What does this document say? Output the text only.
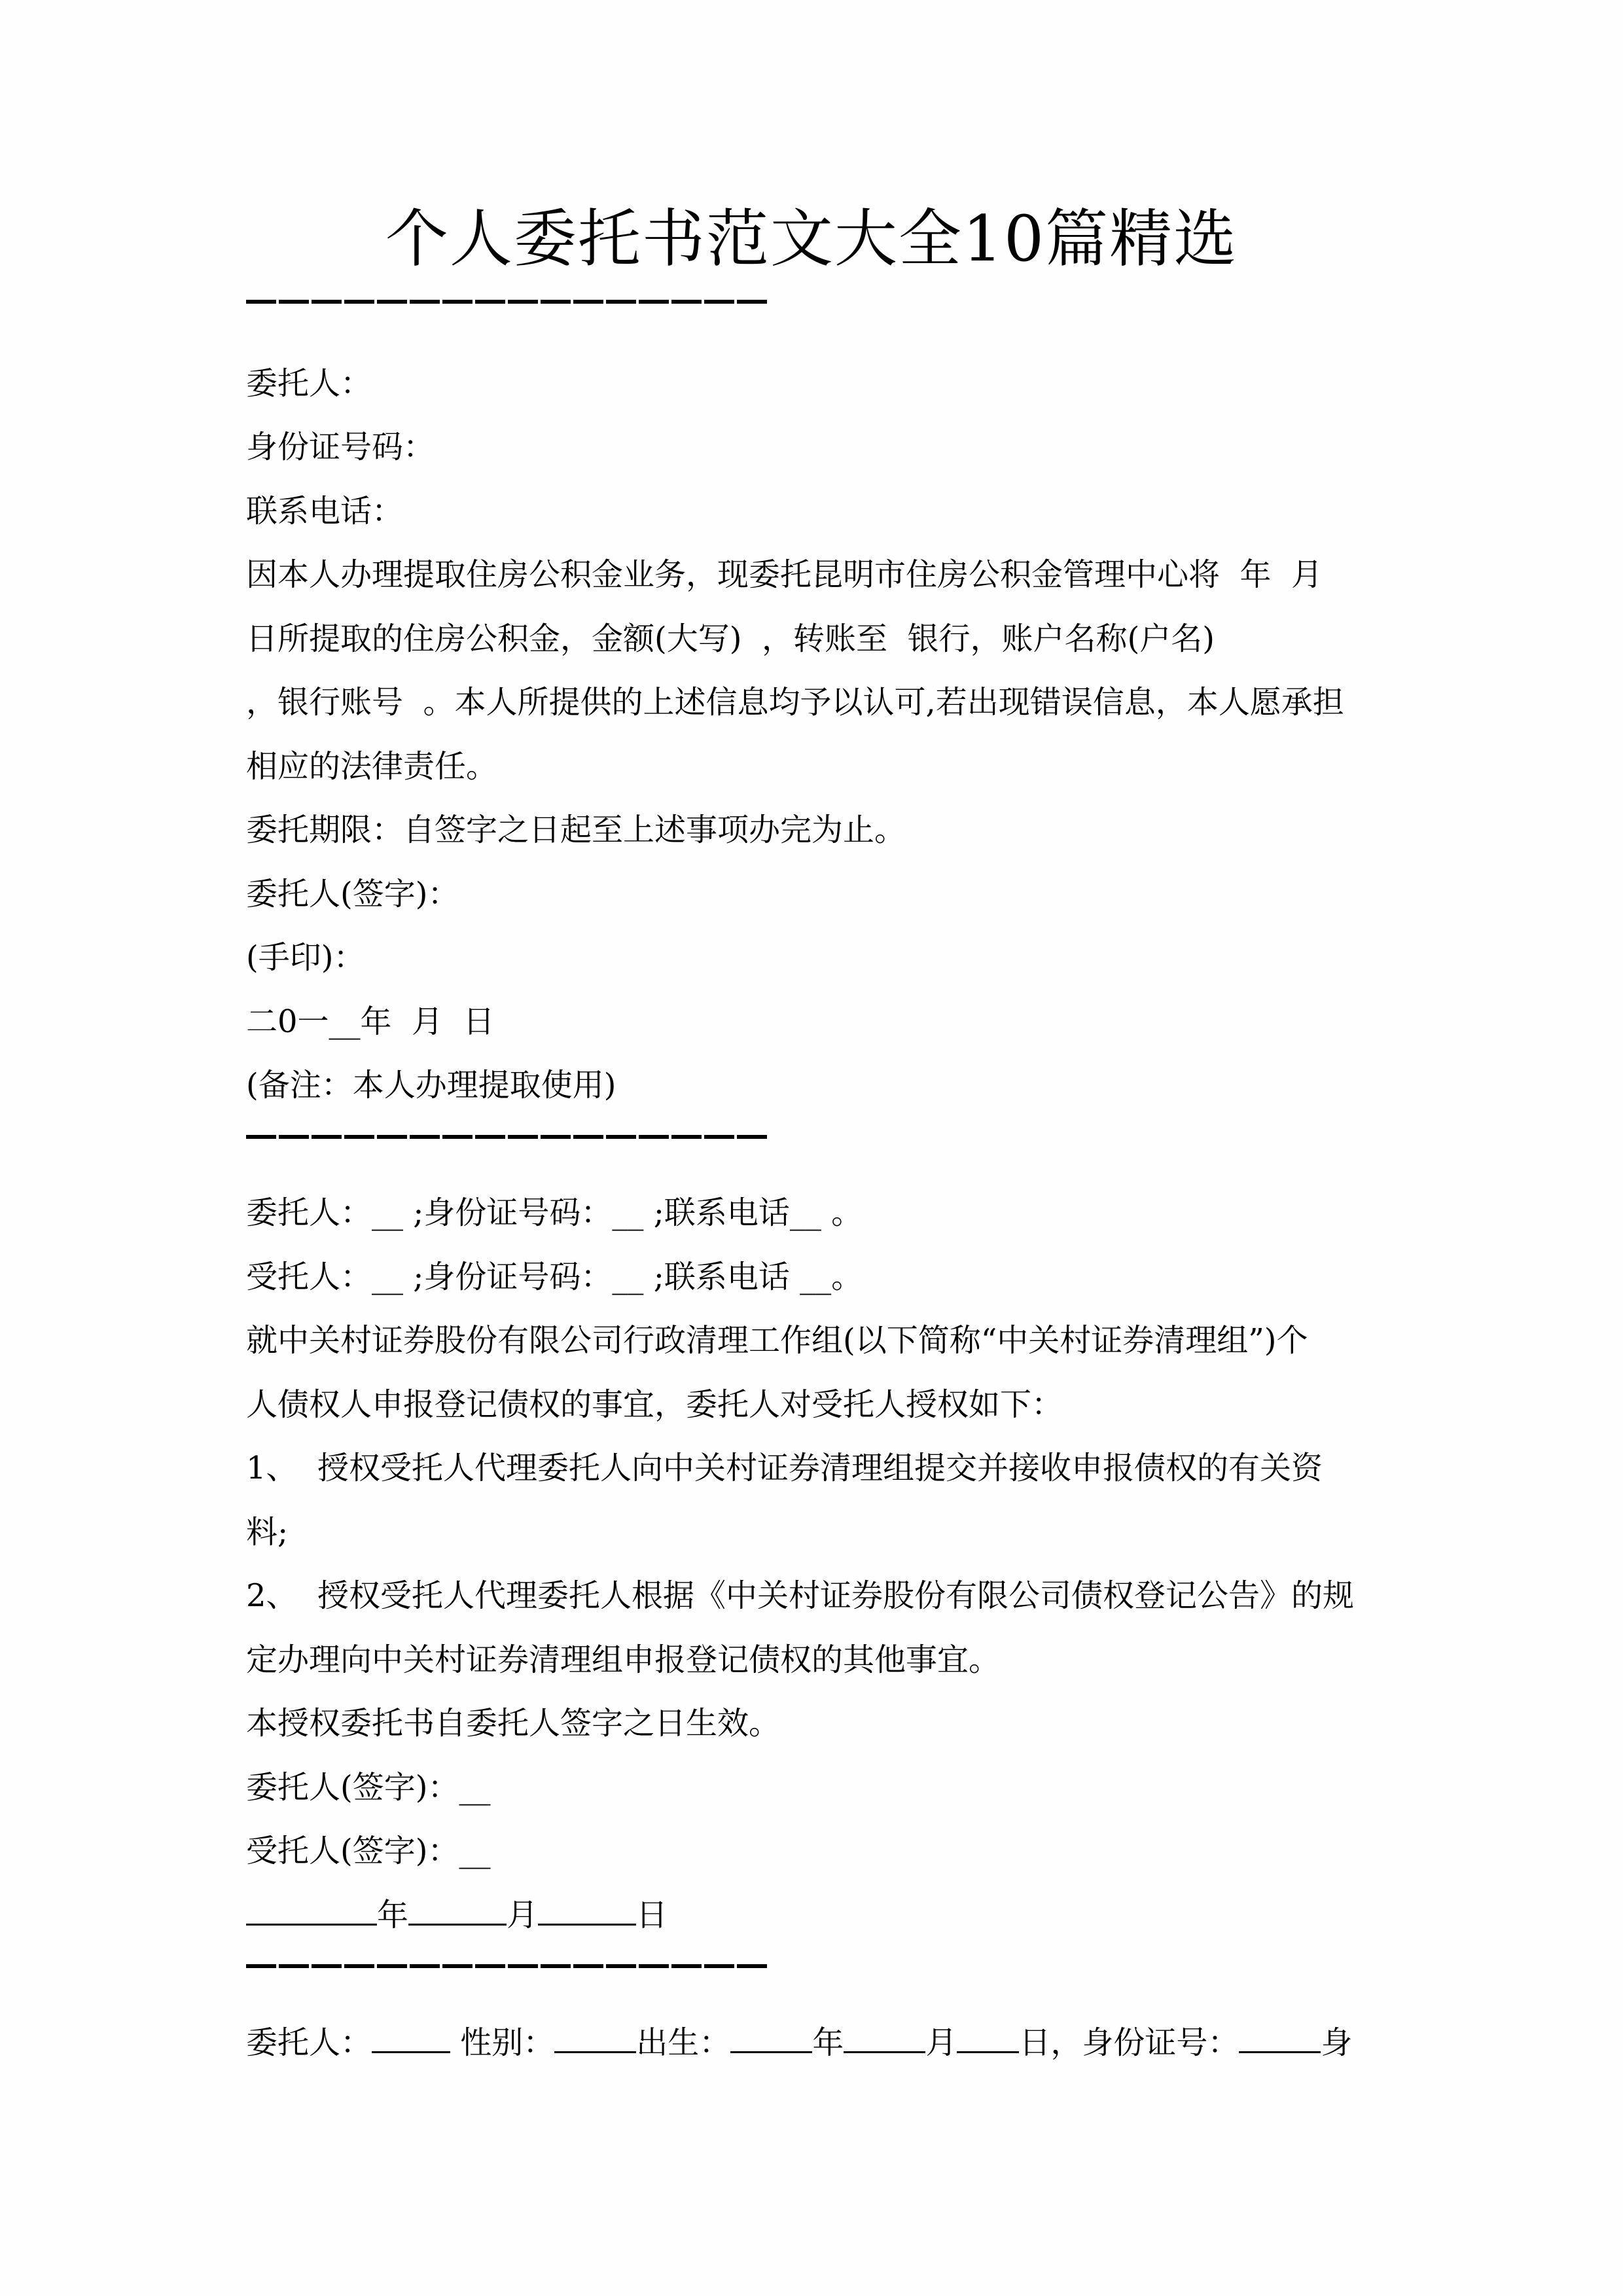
个人委托书范文大全10篇精选

委托人：

身份证号码：

联系电话：

因本人办理提取住房公积金业务，现委托昆明市住房公积金管理中心将  年  月

日所提取的住房公积金，金额(大写)  ，转账至  银行，账户名称(户名)

，银行账号  。本人所提供的上述信息均予以认可,若出现错误信息，本人愿承担

相应的法律责任。

委托期限：自签字之日起至上述事项办完为止。

委托人(签字)：

(手印)：

二0一__年  月  日

(备注：本人办理提取使用)

委托人：__ ;身份证号码：__ ;联系电话__ 。

受托人：__ ;身份证号码：__ ;联系电话 __。

就中关村证券股份有限公司行政清理工作组(以下简称“中关村证券清理组”)个

人债权人申报登记债权的事宜，委托人对受托人授权如下：

1、  授权受托人代理委托人向中关村证券清理组提交并接收申报债权的有关资

料;

2、  授权受托人代理委托人根据《中关村证券股份有限公司债权登记公告》的规

定办理向中关村证券清理组申报登记债权的其他事宜。

本授权委托书自委托人签字之日生效。

委托人(签字)：__

受托人(签字)：__

年	月	日

委托人：	性别：	出生：	年	月 日，身份证号：	身
